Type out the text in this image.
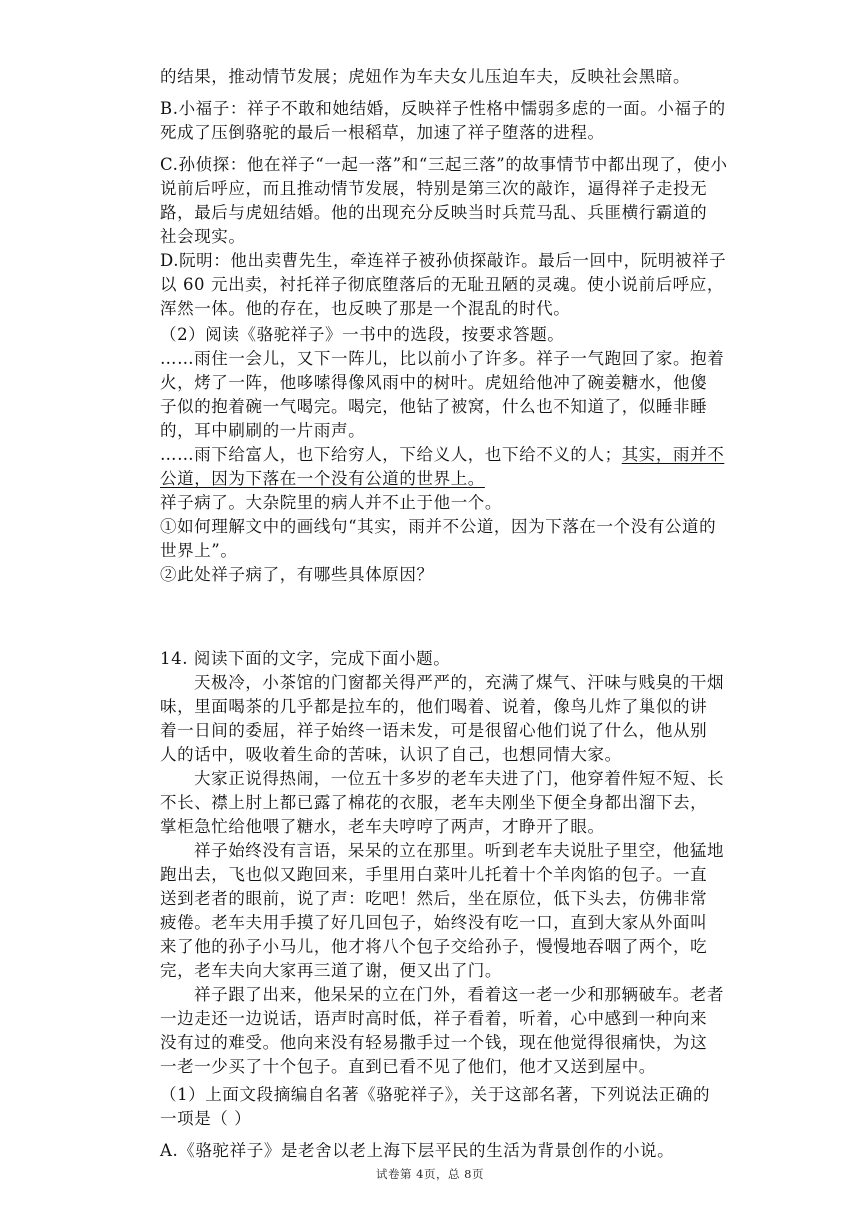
的结果，推动情节发展；虎妞作为车夫女儿压迫车夫，反映社会黑暗。

B.小福子：祥子不敢和她结婚，反映祥子性格中懦弱多虑的一面。小福子的

死成了压倒骆驼的最后一根稻草，加速了祥子堕落的进程。

C.孙侦探：他在祥子“一起一落”和“三起三落”的故事情节中都出现了，使小

说前后呼应，而且推动情节发展，特别是第三次的敲诈，逼得祥子走投无

路，最后与虎妞结婚。他的出现充分反映当时兵荒马乱、兵匪横行霸道的

社会现实。

D.阮明：他出卖曹先生，牵连祥子被孙侦探敲诈。最后一回中，阮明被祥子

以 60 元出卖，衬托祥子彻底堕落后的无耻丑陋的灵魂。使小说前后呼应，

浑然一体。他的存在，也反映了那是一个混乱的时代。

（2）阅读《骆驼祥子》一书中的选段，按要求答题。

……雨住一会儿，又下一阵儿，比以前小了许多。祥子一气跑回了家。抱着

火，烤了一阵，他哆嗦得像风雨中的树叶。虎妞给他冲了碗姜糖水，他傻

子似的抱着碗一气喝完。喝完，他钻了被窝，什么也不知道了，似睡非睡

的，耳中刷刷的一片雨声。

……雨下给富人，也下给穷人，下给义人，也下给不义的人；其实，雨并不

公道，因为下落在一个没有公道的世界上。

祥子病了。大杂院里的病人并不止于他一个。

①如何理解文中的画线句“其实，雨并不公道，因为下落在一个没有公道的

世界上”。

②此处祥子病了，有哪些具体原因？

14. 阅读下面的文字，完成下面小题。

天极冷，小茶馆的门窗都关得严严的，充满了煤气、汗味与贱臭的干烟

味，里面喝茶的几乎都是拉车的，他们喝着、说着，像鸟儿炸了巢似的讲

着一日间的委屈，祥子始终一语未发，可是很留心他们说了什么，他从别

人的话中，吸收着生命的苦味，认识了自己，也想同情大家。

大家正说得热闹，一位五十多岁的老车夫进了门，他穿着件短不短、长

不长、襟上肘上都已露了棉花的衣服，老车夫刚坐下便全身都出溜下去，

掌柜急忙给他喂了糖水，老车夫哼哼了两声，才睁开了眼。

祥子始终没有言语，呆呆的立在那里。听到老车夫说肚子里空，他猛地

跑出去，飞也似又跑回来，手里用白菜叶儿托着十个羊肉馅的包子。一直

送到老者的眼前，说了声：吃吧！然后，坐在原位，低下头去，仿佛非常

疲倦。老车夫用手摸了好几回包子，始终没有吃一口，直到大家从外面叫

来了他的孙子小马儿，他才将八个包子交给孙子，慢慢地吞咽了两个，吃

完，老车夫向大家再三道了谢，便又出了门。

祥子跟了出来，他呆呆的立在门外，看着这一老一少和那辆破车。老者

一边走还一边说话，语声时高时低，祥子看着，听着，心中感到一种向来

没有过的难受。他向来没有轻易撒手过一个钱，现在他觉得很痛快，为这

一老一少买了十个包子。直到已看不见了他们，他才又送到屋中。

（1）上面文段摘编自名著《骆驼祥子》，关于这部名著，下列说法正确的

一项是（ ）

A.《骆驼祥子》是老舍以老上海下层平民的生活为背景创作的小说。

试卷第 4页，总 8页
